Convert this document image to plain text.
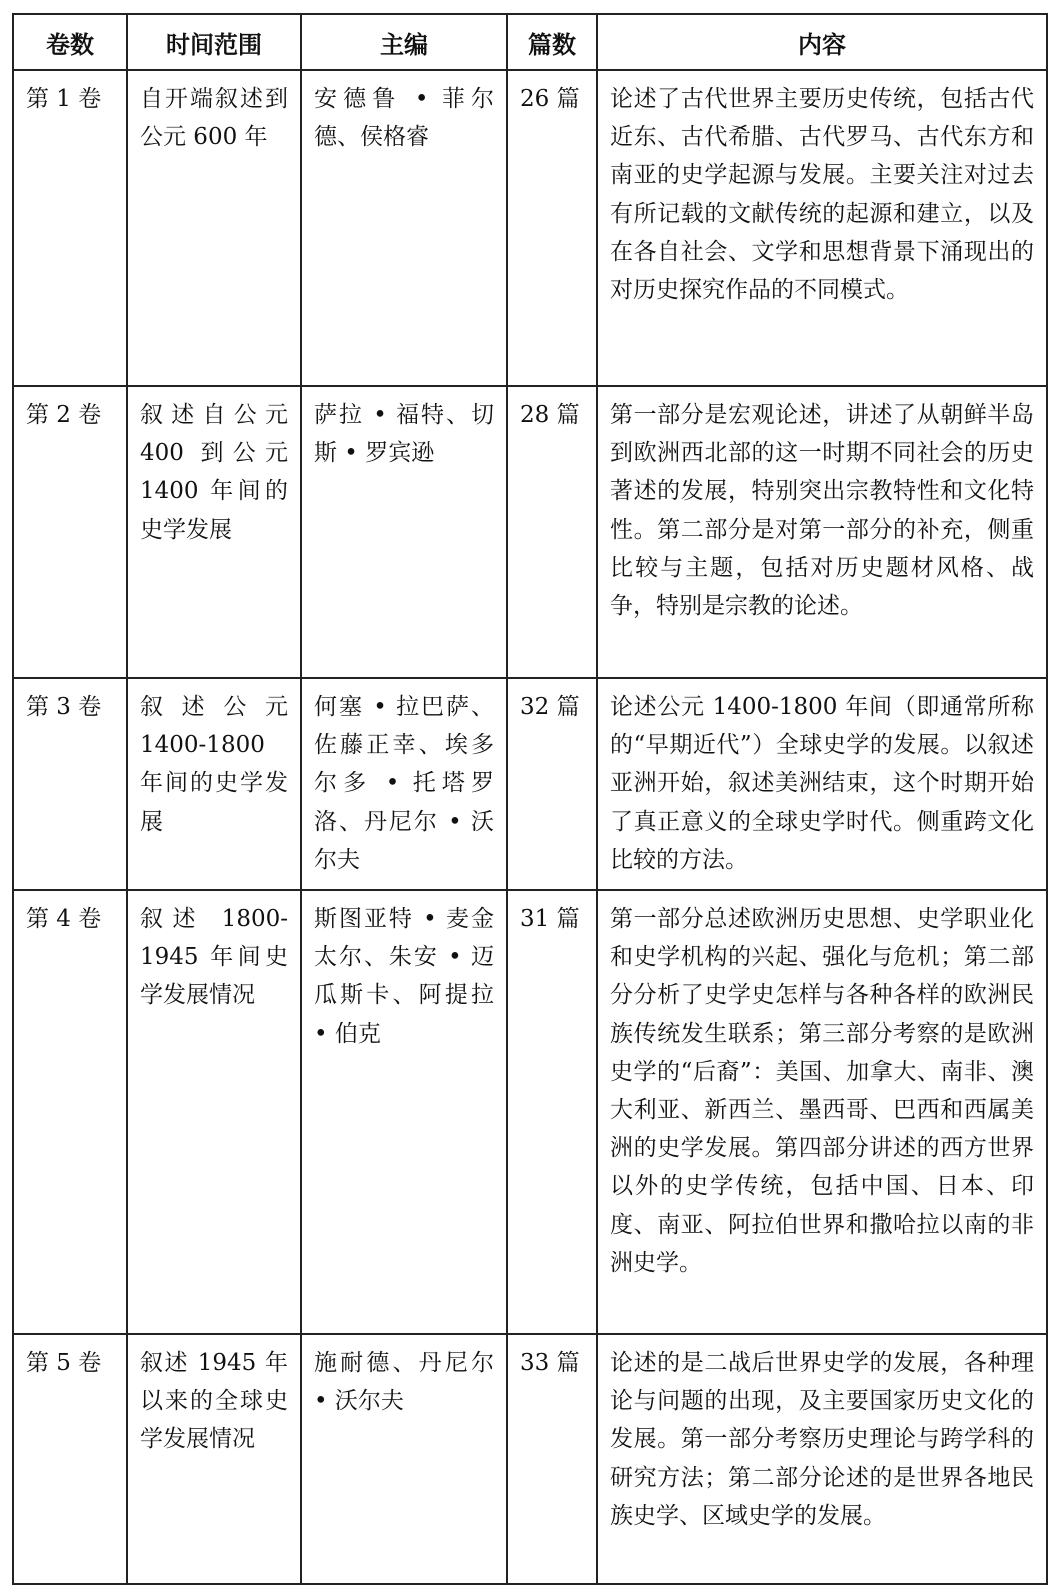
卷数	时间范围	主编	篇数	内容
第 1 卷	自开端叙述到公元 600 年	安德鲁 • 菲尔德、侯格睿	26 篇	论述了古代世界主要历史传统，包括古代近东、古代希腊、古代罗马、古代东方和南亚的史学起源与发展。主要关注对过去有所记载的文献传统的起源和建立，以及在各自社会、文学和思想背景下涌现出的对历史探究作品的不同模式。
第 2 卷	叙述自公元 400 到公元 1400 年间的史学发展	萨拉 • 福特、切斯 • 罗宾逊	28 篇	第一部分是宏观论述，讲述了从朝鲜半岛到欧洲西北部的这一时期不同社会的历史著述的发展，特别突出宗教特性和文化特性。第二部分是对第一部分的补充，侧重比较与主题，包括对历史题材风格、战争，特别是宗教的论述。
第 3 卷	叙述公元 1400-1800 年间的史学发展	何塞 • 拉巴萨、佐藤正幸、埃多尔多 • 托塔罗洛、丹尼尔 • 沃尔夫	32 篇	论述公元 1400-1800 年间（即通常所称的“早期近代”）全球史学的发展。以叙述亚洲开始，叙述美洲结束，这个时期开始了真正意义的全球史学时代。侧重跨文化比较的方法。
第 4 卷	叙述 1800-1945 年间史学发展情况	斯图亚特 • 麦金太尔、朱安 • 迈瓜斯卡、阿提拉 • 伯克	31 篇	第一部分总述欧洲历史思想、史学职业化和史学机构的兴起、强化与危机；第二部分分析了史学史怎样与各种各样的欧洲民族传统发生联系；第三部分考察的是欧洲史学的“后裔”：美国、加拿大、南非、澳大利亚、新西兰、墨西哥、巴西和西属美洲的史学发展。第四部分讲述的西方世界以外的史学传统，包括中国、日本、印度、南亚、阿拉伯世界和撒哈拉以南的非洲史学。
第 5 卷	叙述 1945 年以来的全球史学发展情况	施耐德、丹尼尔 • 沃尔夫	33 篇	论述的是二战后世界史学的发展，各种理论与问题的出现，及主要国家历史文化的发展。第一部分考察历史理论与跨学科的研究方法；第二部分论述的是世界各地民族史学、区域史学的发展。
